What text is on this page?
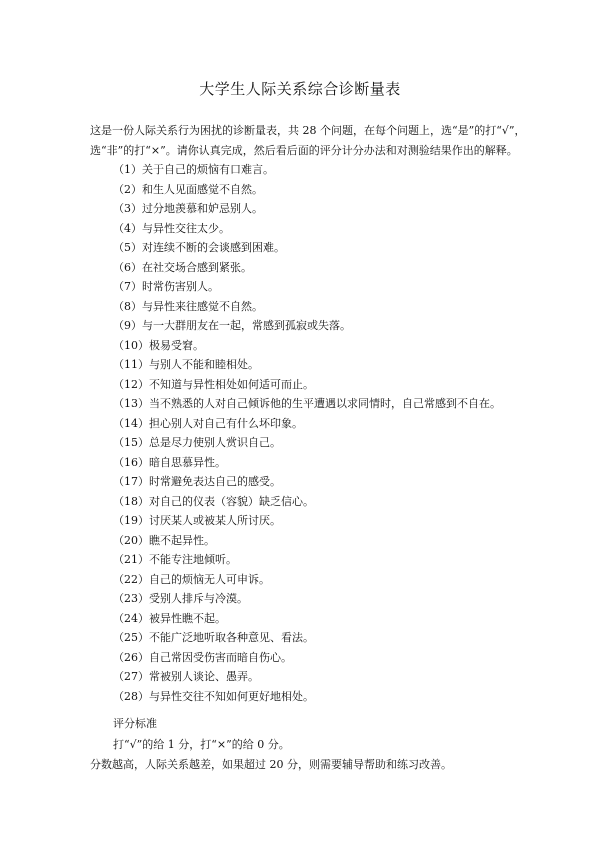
大学生人际关系综合诊断量表
这是一份人际关系行为困扰的诊断量表，共 28 个问题，在每个问题上，选“是”的打“√”，选“非”的打“×”。请你认真完成，然后看后面的评分计分办法和对测验结果作出的解释。
（1）关于自己的烦恼有口难言。
（2）和生人见面感觉不自然。
（3）过分地羡慕和妒忌别人。
（4）与异性交往太少。
（5）对连续不断的会谈感到困难。
（6）在社交场合感到紧张。
（7）时常伤害别人。
（8）与异性来往感觉不自然。
（9）与一大群朋友在一起，常感到孤寂或失落。
（10）极易受窘。
（11）与别人不能和睦相处。
（12）不知道与异性相处如何适可而止。
（13）当不熟悉的人对自己倾诉他的生平遭遇以求同情时，自己常感到不自在。
（14）担心别人对自己有什么坏印象。
（15）总是尽力使别人赏识自己。
（16）暗自思慕异性。
（17）时常避免表达自己的感受。
（18）对自己的仪表（容貌）缺乏信心。
（19）讨厌某人或被某人所讨厌。
（20）瞧不起异性。
（21）不能专注地倾听。
（22）自己的烦恼无人可申诉。
（23）受别人排斥与冷漠。
（24）被异性瞧不起。
（25）不能广泛地听取各种意见、看法。
（26）自己常因受伤害而暗自伤心。
（27）常被别人谈论、愚弄。
（28）与异性交往不知如何更好地相处。
评分标准
打“√”的给 1 分，打“×”的给 0 分。
分数越高，人际关系越差，如果超过 20 分，则需要辅导帮助和练习改善。
